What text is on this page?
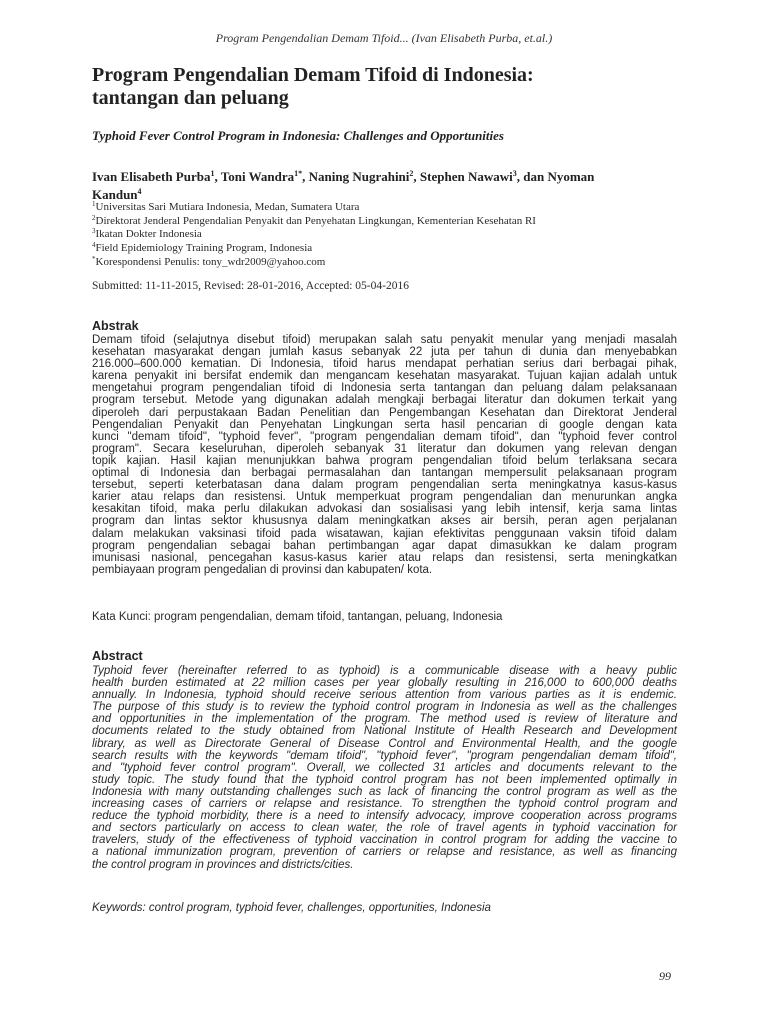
Program Pengendalian Demam Tifoid... (Ivan Elisabeth Purba, et.al.)
Program Pengendalian Demam Tifoid di Indonesia:
tantangan dan peluang
Typhoid Fever Control Program in Indonesia: Challenges and Opportunities
Ivan Elisabeth Purba$^1$, Toni Wandra$^{1*}$, Naning Nugrahini$^2$, Stephen Nawawi$^3$, dan Nyoman
Kandun$^4$
$^1$Universitas Sari Mutiara Indonesia, Medan, Sumatera Utara
$^2$Direktorat Jenderal Pengendalian Penyakit dan Penyehatan Lingkungan, Kementerian Kesehatan RI
$^3$Ikatan Dokter Indonesia
$^4$Field Epidemiology Training Program, Indonesia
*Korespondensi Penulis: tony_wdr2009@yahoo.com
Submitted: 11-11-2015, Revised: 28-01-2016, Accepted: 05-04-2016
Abstrak
Demam tifoid (selajutnya disebut tifoid) merupakan salah satu penyakit menular yang menjadi masalah
kesehatan masyarakat dengan jumlah kasus sebanyak 22 juta per tahun di dunia dan menyebabkan
216.000–600.000 kematian. Di Indonesia, tifoid harus mendapat perhatian serius dari berbagai pihak,
karena penyakit ini bersifat endemik dan mengancam kesehatan masyarakat. Tujuan kajian adalah untuk
mengetahui program pengendalian tifoid di Indonesia serta tantangan dan peluang dalam pelaksanaan
program tersebut. Metode yang digunakan adalah mengkaji berbagai literatur dan dokumen terkait yang
diperoleh dari perpustakaan Badan Penelitian dan Pengembangan Kesehatan dan Direktorat Jenderal
Pengendalian Penyakit dan Penyehatan Lingkungan serta hasil pencarian di google dengan kata
kunci "demam tifoid", "typhoid fever", "program pengendalian demam tifoid", dan "typhoid fever control
program". Secara keseluruhan, diperoleh sebanyak 31 literatur dan dokumen yang relevan dengan
topik kajian. Hasil kajian menunjukkan bahwa program pengendalian tifoid belum terlaksana secara
optimal di Indonesia dan berbagai permasalahan dan tantangan mempersulit pelaksanaan program
tersebut, seperti keterbatasan dana dalam program pengendalian serta meningkatnya kasus-kasus
karier atau relaps dan resistensi. Untuk memperkuat program pengendalian dan menurunkan angka
kesakitan tifoid, maka perlu dilakukan advokasi dan sosialisasi yang lebih intensif, kerja sama lintas
program dan lintas sektor khususnya dalam meningkatkan akses air bersih, peran agen perjalanan
dalam melakukan vaksinasi tifoid pada wisatawan, kajian efektivitas penggunaan vaksin tifoid dalam
program pengendalian sebagai bahan pertimbangan agar dapat dimasukkan ke dalam program
imunisasi nasional, pencegahan kasus-kasus karier atau relaps dan resistensi, serta meningkatkan
pembiayaan program pengedalian di provinsi dan kabupaten/ kota.
Kata Kunci: program pengendalian, demam tifoid, tantangan, peluang, Indonesia
Abstract
Typhoid fever (hereinafter referred to as typhoid) is a communicable disease with a heavy public
health burden estimated at 22 million cases per year globally resulting in 216,000 to 600,000 deaths
annually. In Indonesia, typhoid should receive serious attention from various parties as it is endemic.
The purpose of this study is to review the typhoid control program in Indonesia as well as the challenges
and opportunities in the implementation of the program. The method used is review of literature and
documents related to the study obtained from National Institute of Health Research and Development
library, as well as Directorate General of Disease Control and Environmental Health, and the google
search results with the keywords "demam tifoid", "typhoid fever", "program pengendalian demam tifoid",
and "typhoid fever control program". Overall, we collected 31 articles and documents relevant to the
study topic. The study found that the typhoid control program has not been implemented optimally in
Indonesia with many outstanding challenges such as lack of financing the control program as well as the
increasing cases of carriers or relapse and resistance. To strengthen the typhoid control program and
reduce the typhoid morbidity, there is a need to intensify advocacy, improve cooperation across programs
and sectors particularly on access to clean water, the role of travel agents in typhoid vaccination for
travelers, study of the effectiveness of typhoid vaccination in control program for adding the vaccine to
a national immunization program, prevention of carriers or relapse and resistance, as well as financing
the control program in provinces and districts/cities.
Keywords: control program, typhoid fever, challenges, opportunities, Indonesia
99
